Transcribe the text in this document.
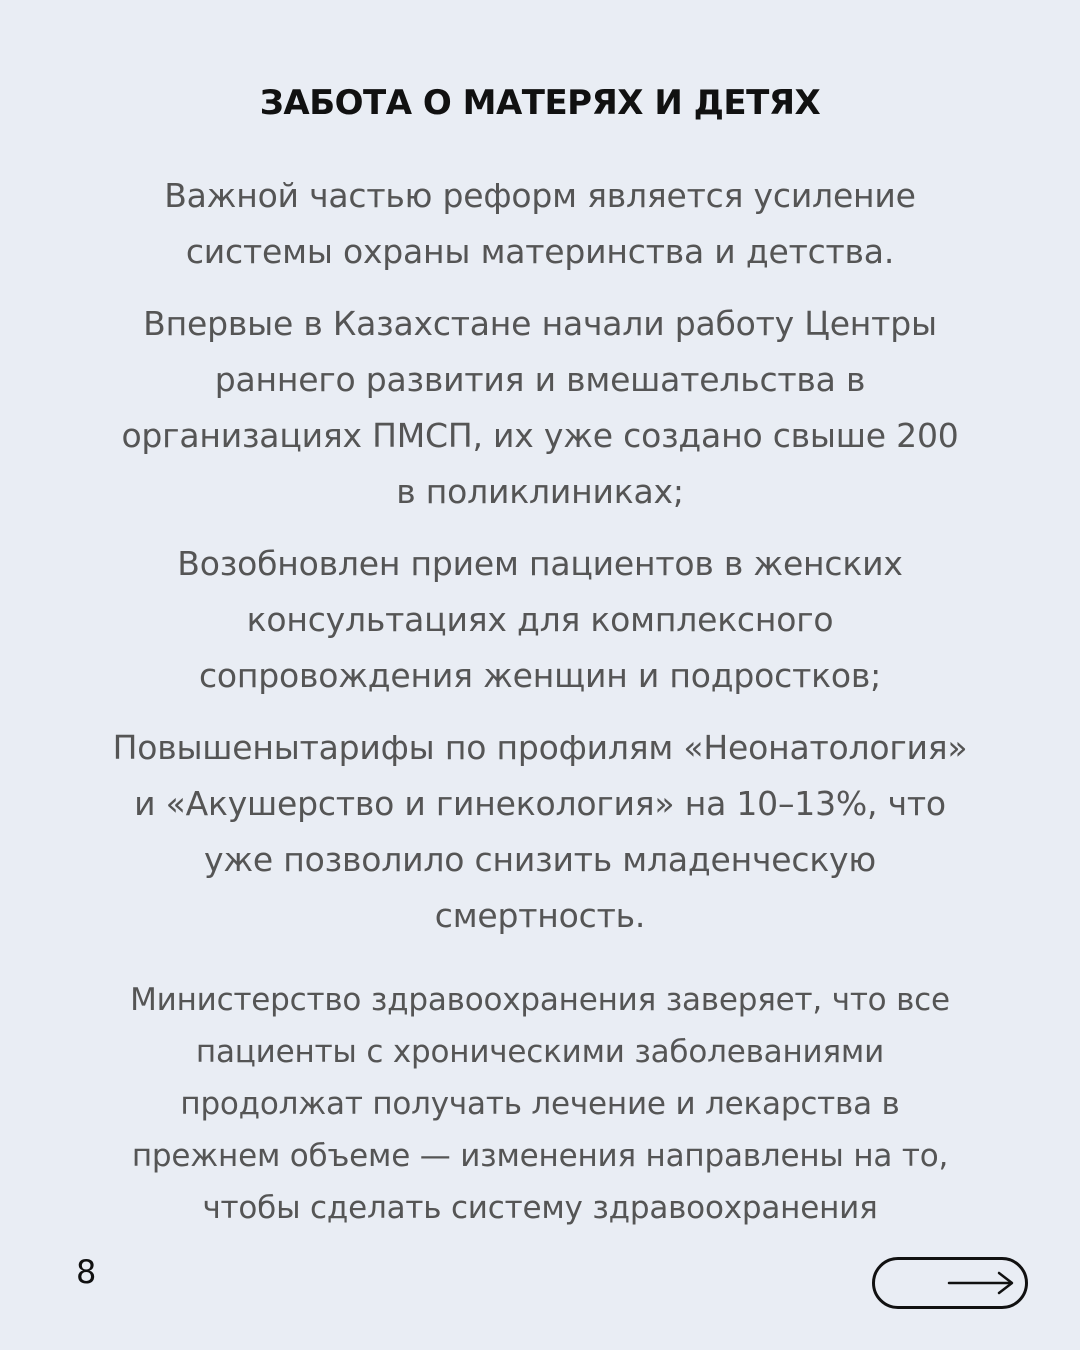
ЗАБОТА О МАТЕРЯХ И ДЕТЯХ

Важной частью реформ является усиление
системы охраны материнства и детства.

Впервые в Казахстане начали работу Центры
раннего развития и вмешательства в
организациях ПМСП, их уже создано свыше 200
в поликлиниках;

Возобновлен прием пациентов в женских
консультациях для комплексного
сопровождения женщин и подростков;

Повышенытарифы по профилям «Неонатология»
и «Акушерство и гинекология» на 10–13%, что
уже позволило снизить младенческую
смертность.

Министерство здравоохранения заверяет, что все
пациенты с хроническими заболеваниями
продолжат получать лечение и лекарства в
прежнем объеме — изменения направлены на то,
чтобы сделать систему здравоохранения

8
